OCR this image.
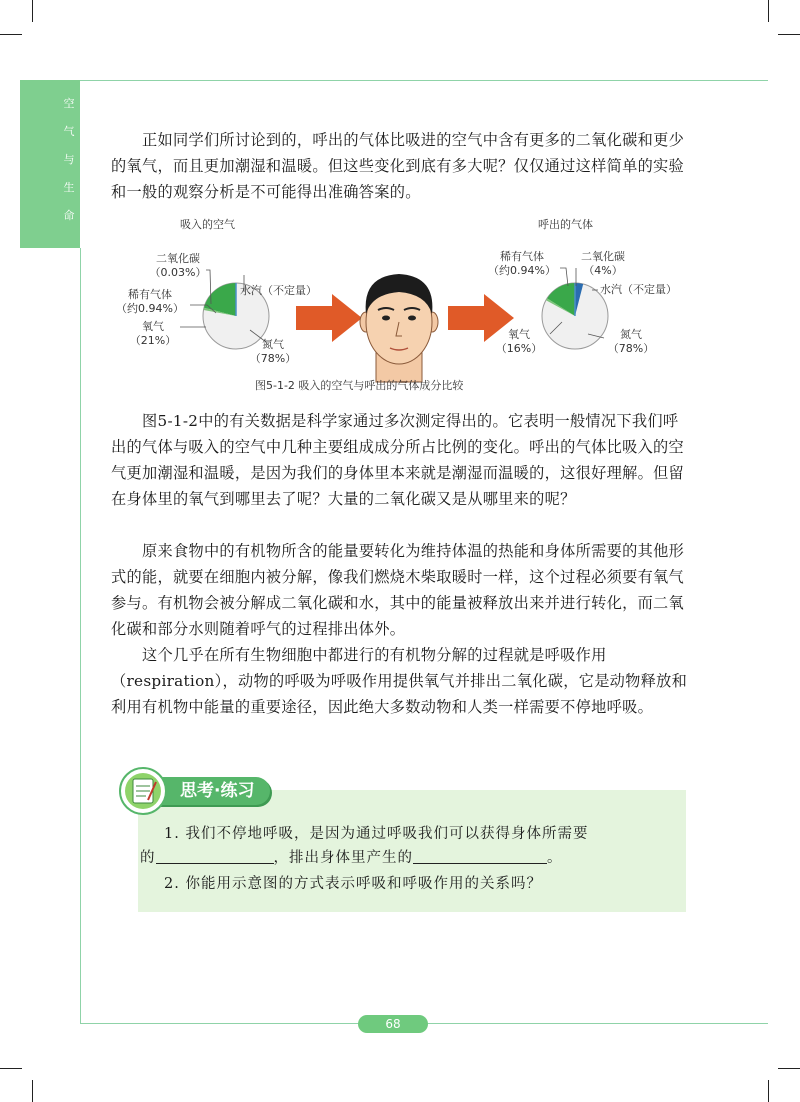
空
气
与
生
命

正如同学们所讨论到的，呼出的气体比吸进的空气中含有更多的二氧化碳和更少的氧气，而且更加潮湿和温暖。但这些变化到底有多大呢？仅仅通过这样简单的实验和一般的观察分析是不可能得出准确答案的。

吸入的空气	呼出的气体
二氧化碳
（0.03%）
稀有气体
（约0.94%）
水汽（不定量）
氧气
（21%）	氮气
（78%）
稀有气体
（约0.94%）
二氧化碳
（4%）
水汽（不定量）
氧气
（16%）
氮气
（78%）
图5-1-2 吸入的空气与呼出的气体成分比较

图5-1-2中的有关数据是科学家通过多次测定得出的。它表明一般情况下我们呼出的气体与吸入的空气中几种主要组成成分所占比例的变化。呼出的气体比吸入的空气更加潮湿和温暖，是因为我们的身体里本来就是潮湿而温暖的，这很好理解。但留在身体里的氧气到哪里去了呢？大量的二氧化碳又是从哪里来的呢？

原来食物中的有机物所含的能量要转化为维持体温的热能和身体所需要的其他形式的能，就要在细胞内被分解，像我们燃烧木柴取暖时一样，这个过程必须要有氧气参与。有机物会被分解成二氧化碳和水，其中的能量被释放出来并进行转化，而二氧化碳和部分水则随着呼气的过程排出体外。

这个几乎在所有生物细胞中都进行的有机物分解的过程就是呼吸作用（respiration），动物的呼吸为呼吸作用提供氧气并排出二氧化碳，它是动物释放和利用有机物中能量的重要途径，因此绝大多数动物和人类一样需要不停地呼吸。

思考·练习

1. 我们不停地呼吸，是因为通过呼吸我们可以获得身体所需要

的	，排出身体里产生的	。

2. 你能用示意图的方式表示呼吸和呼吸作用的关系吗？

68
